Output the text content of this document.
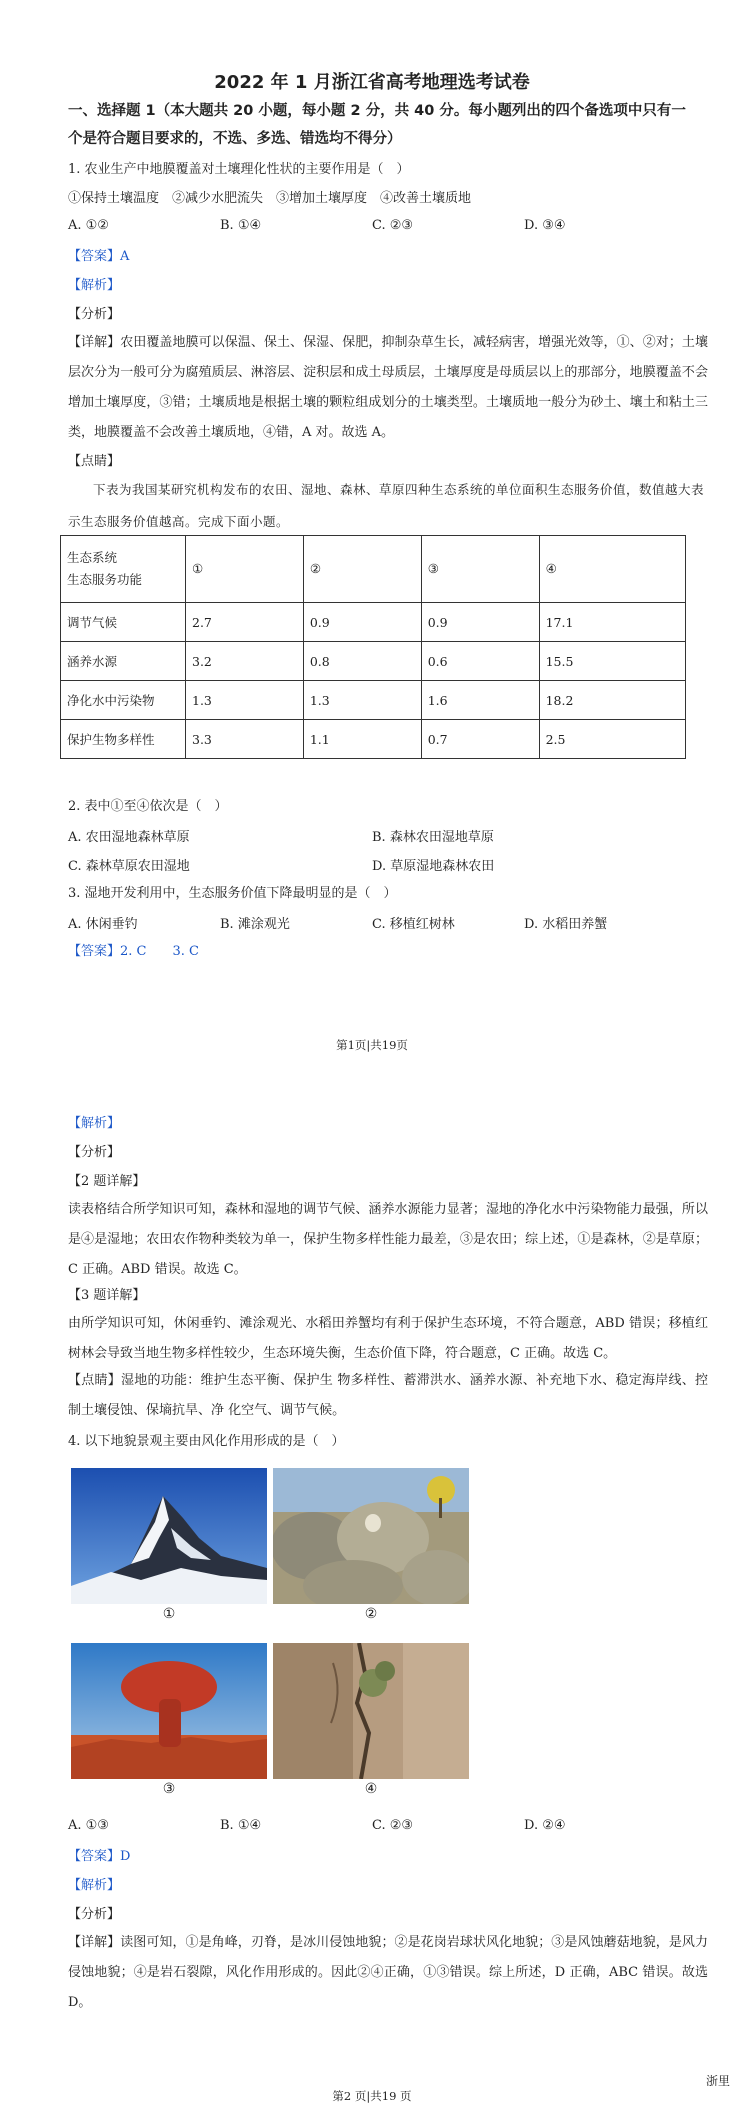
2022 年 1 月浙江省高考地理选考试卷
一、选择题 1（本大题共 20 小题，每小题 2 分，共 40 分。每小题列出的四个备选项中只有一
个是符合题目要求的，不选、多选、错选均不得分）
1. 农业生产中地膜覆盖对土壤理化性状的主要作用是（　）
①保持土壤温度　②减少水肥流失　③增加土壤厚度　④改善土壤质地
A. ①②	B. ①④	C. ②③	D. ③④
【答案】A
【解析】
【分析】
【详解】农田覆盖地膜可以保温、保土、保湿、保肥，抑制杂草生长，减轻病害，增强光效等，①、②对；土壤层次分为一般可分为腐殖质层、淋溶层、淀积层和成土母质层，土壤厚度是母质层以上的那部分，地膜覆盖不会增加土壤厚度，③错；土壤质地是根据土壤的颗粒组成划分的土壤类型。土壤质地一般分为砂土、壤土和粘土三类，地膜覆盖不会改善土壤质地，④错，A 对。故选 A。
【点睛】
下表为我国某研究机构发布的农田、湿地、森林、草原四种生态系统的单位面积生态服务价值，数值越大表示生态服务价值越高。完成下面小题。
生态系统
生态服务功能	①	②	③	④
调节气候	2.7	0.9	0.9	17.1
涵养水源	3.2	0.8	0.6	15.5
净化水中污染物	1.3	1.3	1.6	18.2
保护生物多样性	3.3	1.1	0.7	2.5
2. 表中①至④依次是（　）
A. 农田湿地森林草原	B. 森林农田湿地草原
C. 森林草原农田湿地	D. 草原湿地森林农田
3. 湿地开发利用中，生态服务价值下降最明显的是（　）
A. 休闲垂钓	B. 滩涂观光	C. 移植红树林	D. 水稻田养蟹
【答案】2. C　　3. C
第1页|共19页
【解析】
【分析】
【2 题详解】
读表格结合所学知识可知，森林和湿地的调节气候、涵养水源能力显著；湿地的净化水中污染物能力最强，所以是④是湿地；农田农作物种类较为单一，保护生物多样性能力最差，③是农田；综上述，①是森林，②是草原；C 正确。ABD 错误。故选 C。
【3 题详解】
由所学知识可知，休闲垂钓、滩涂观光、水稻田养蟹均有利于保护生态环境，不符合题意，ABD 错误；移植红树林会导致当地生物多样性较少，生态环境失衡，生态价值下降，符合题意，C 正确。故选 C。
【点睛】湿地的功能：维护生态平衡、保护生 物多样性、蓄滞洪水、涵养水源、补充地下水、稳定海岸线、控制土壤侵蚀、保墒抗旱、净 化空气、调节气候。
4. 以下地貌景观主要由风化作用形成的是（　）
①	②
③	④
A. ①③	B. ①④	C. ②③	D. ②④
【答案】D
【解析】
【分析】
【详解】读图可知，①是角峰，刃脊，是冰川侵蚀地貌；②是花岗岩球状风化地貌；③是风蚀蘑菇地貌，是风力侵蚀地貌；④是岩石裂隙，风化作用形成的。因此②④正确，①③错误。综上所述，D 正确，ABC 错误。故选 D。
浙里
第2 页|共19 页
